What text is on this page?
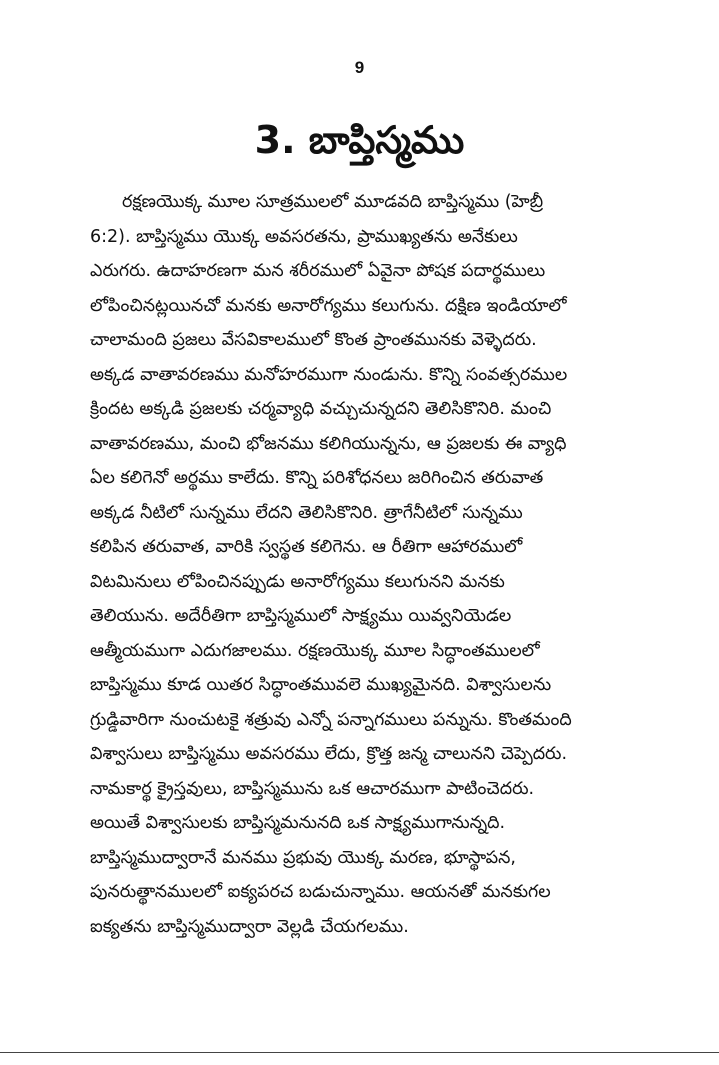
9
3. బాప్తిస్మము
రక్షణయొక్క మూల సూత్రములలో మూడవది బాప్తిస్మము (హెబ్రీ
6:2). బాప్తిస్మము యొక్క అవసరతను, ప్రాముఖ్యతను అనేకులు
ఎరుగరు. ఉదాహరణగా మన శరీరములో ఏవైనా పోషక పదార్థములు
లోపించినట్లయినచో మనకు అనారోగ్యము కలుగును. దక్షిణ ఇండియాలో
చాలామంది ప్రజలు వేసవికాలములో కొంత ప్రాంతమునకు వెళ్ళెదరు.
అక్కడ వాతావరణము మనోహరముగా నుండును. కొన్ని సంవత్సరముల
క్రిందట అక్కడి ప్రజలకు చర్మవ్యాధి వచ్చుచున్నదని తెలిసికొనిరి. మంచి
వాతావరణము, మంచి భోజనము కలిగియున్నను, ఆ ప్రజలకు ఈ వ్యాధి
ఏల కలిగెనో అర్థము కాలేదు. కొన్ని పరిశోధనలు జరిగించిన తరువాత
అక్కడ నీటిలో సున్నము లేదని తెలిసికొనిరి. త్రాగేనీటిలో సున్నము
కలిపిన తరువాత, వారికి స్వస్థత కలిగెను. ఆ రీతిగా ఆహారములో
విటమినులు లోపించినప్పుడు అనారోగ్యము కలుగునని మనకు
తెలియును. అదేరీతిగా బాప్తిస్మములో సాక్ష్యము యివ్వనియెడల
ఆత్మీయముగా ఎదుగజాలము. రక్షణయొక్క మూల సిద్ధాంతములలో
బాప్తిస్మము కూడ యితర సిద్ధాంతమువలె ముఖ్యమైనది. విశ్వాసులను
గ్రుడ్డివారిగా నుంచుటకై శత్రువు ఎన్నో పన్నాగములు పన్నును. కొంతమంది
విశ్వాసులు బాప్తిస్మము అవసరము లేదు, క్రొత్త జన్మ చాలునని చెప్పెదరు.
నామకార్థ క్రైస్తవులు, బాప్తిస్మమును ఒక ఆచారముగా పాటించెదరు.
అయితే విశ్వాసులకు బాప్తిస్మమనునది ఒక సాక్ష్యముగానున్నది.
బాప్తిస్మముద్వారానే మనము ప్రభువు యొక్క మరణ, భూస్థాపన,
పునరుత్థానములలో ఐక్యపరచ బడుచున్నాము. ఆయనతో మనకుగల
ఐక్యతను బాప్తిస్మముద్వారా వెల్లడి చేయగలము.
